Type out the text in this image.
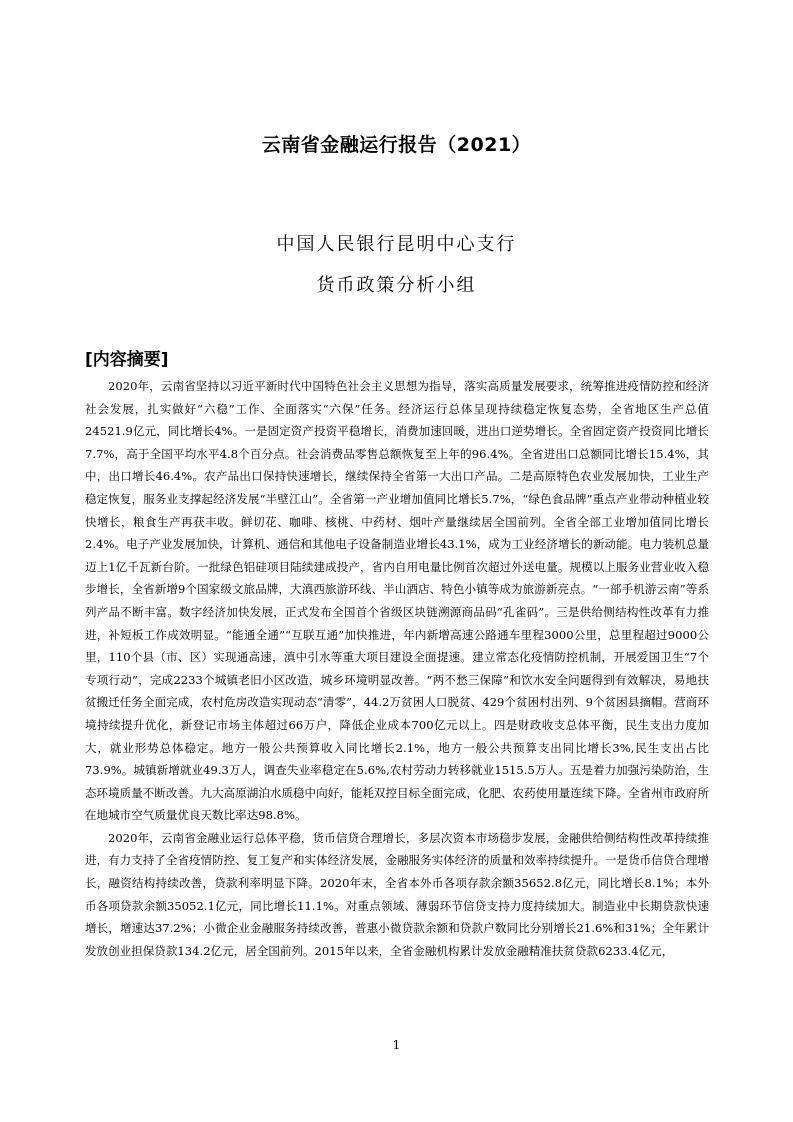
云南省金融运行报告（2021）
中国人民银行昆明中心支行
货币政策分析小组
[内容摘要]

2020年，云南省坚持以习近平新时代中国特色社会主义思想为指导，落实高质量发展要求，统筹推进疫情防控和经济社会发展，扎实做好“六稳”工作、全面落实“六保”任务。经济运行总体呈现持续稳定恢复态势，全省地区生产总值24521.9亿元，同比增长4%。一是固定资产投资平稳增长，消费加速回暖，进出口逆势增长。全省固定资产投资同比增长7.7%，高于全国平均水平4.8个百分点。社会消费品零售总额恢复至上年的96.4%。全省进出口总额同比增长15.4%，其中，出口增长46.4%。农产品出口保持快速增长，继续保持全省第一大出口产品。二是高原特色农业发展加快，工业生产稳定恢复，服务业支撑起经济发展“半壁江山”。全省第一产业增加值同比增长5.7%，“绿色食品牌”重点产业带动种植业较快增长，粮食生产再获丰收。鲜切花、咖啡、核桃、中药材、烟叶产量继续居全国前列。全省全部工业增加值同比增长2.4%。电子产业发展加快，计算机、通信和其他电子设备制造业增长43.1%，成为工业经济增长的新动能。电力装机总量迈上1亿千瓦新台阶。一批绿色铝硅项目陆续建成投产，省内自用电量比例首次超过外送电量。规模以上服务业营业收入稳步增长，全省新增9个国家级文旅品牌，大滇西旅游环线、半山酒店、特色小镇等成为旅游新亮点。“一部手机游云南”等系列产品不断丰富。数字经济加快发展，正式发布全国首个省级区块链溯源商品码“孔雀码”。三是供给侧结构性改革有力推进，补短板工作成效明显。“能通全通”“互联互通”加快推进，年内新增高速公路通车里程3000公里，总里程超过9000公里，110个县（市、区）实现通高速，滇中引水等重大项目建设全面提速。建立常态化疫情防控机制，开展爱国卫生“7个专项行动”，完成2233个城镇老旧小区改造，城乡环境明显改善。“两不愁三保障”和饮水安全问题得到有效解决，易地扶贫搬迁任务全面完成，农村危房改造实现动态“清零”，44.2万贫困人口脱贫、429个贫困村出列、9个贫困县摘帽。营商环境持续提升优化，新登记市场主体超过66万户，降低企业成本700亿元以上。四是财政收支总体平衡，民生支出力度加大，就业形势总体稳定。地方一般公共预算收入同比增长2.1%，地方一般公共预算支出同比增长3%,民生支出占比73.9%。城镇新增就业49.3万人，调查失业率稳定在5.6%,农村劳动力转移就业1515.5万人。五是着力加强污染防治，生态环境质量不断改善。九大高原湖泊水质稳中向好，能耗双控目标全面完成，化肥、农药使用量连续下降。全省州市政府所在地城市空气质量优良天数比率达98.8%。

2020年，云南省金融业运行总体平稳，货币信贷合理增长，多层次资本市场稳步发展，金融供给侧结构性改革持续推进，有力支持了全省疫情防控、复工复产和实体经济发展，金融服务实体经济的质量和效率持续提升。一是货币信贷合理增长，融资结构持续改善，贷款利率明显下降。2020年末，全省本外币各项存款余额35652.8亿元，同比增长8.1%；本外币各项贷款余额35052.1亿元，同比增长11.1%。对重点领域、薄弱环节信贷支持力度持续加大。制造业中长期贷款快速增长，增速达37.2%；小微企业金融服务持续改善，普惠小微贷款余额和贷款户数同比分别增长21.6%和31%；全年累计发放创业担保贷款134.2亿元，居全国前列。2015年以来，全省金融机构累计发放金融精准扶贫贷款6233.4亿元，

1
